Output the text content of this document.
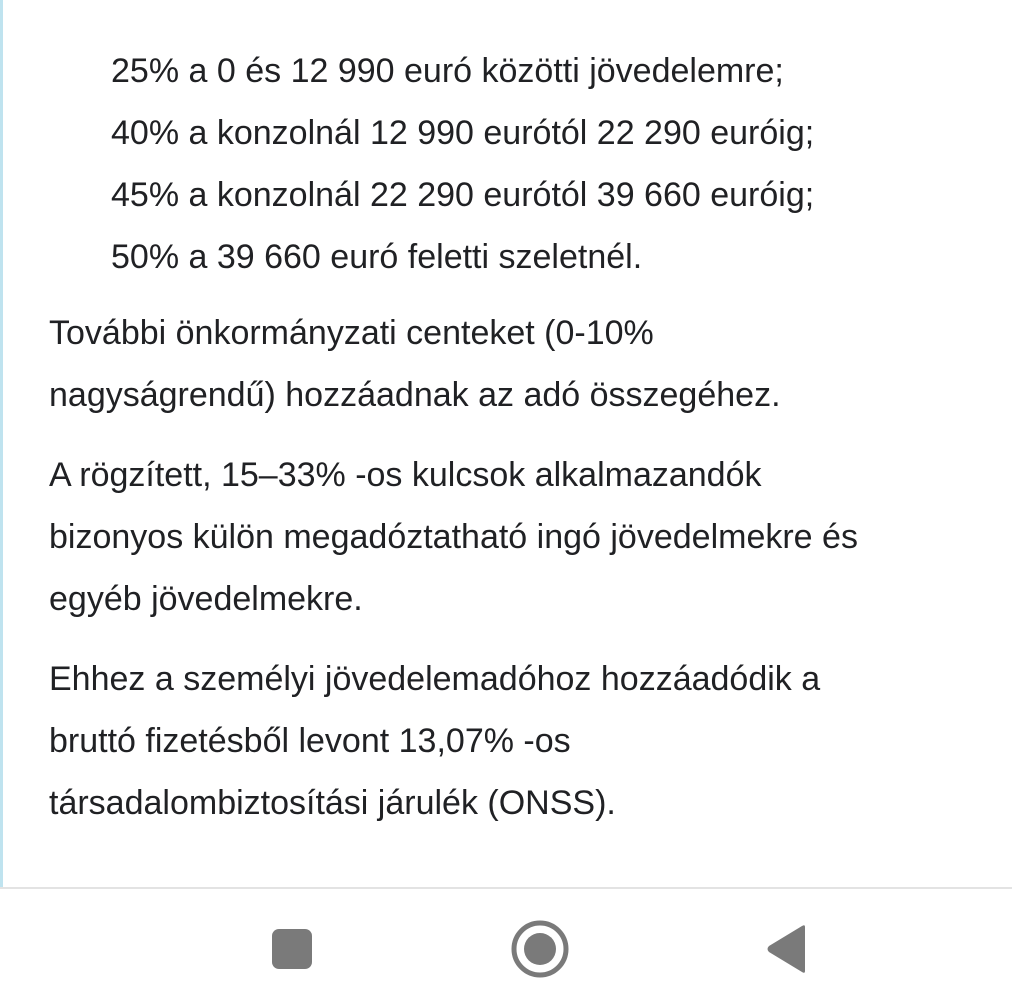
25% a 0 és 12 990 euró közötti jövedelemre;
40% a konzolnál 12 990 eurótól 22 290 euróig;
45% a konzolnál 22 290 eurótól 39 660 euróig;
50% a 39 660 euró feletti szeletnél.

További önkormányzati centeket (0-10%
nagyságrendű) hozzáadnak az adó összegéhez.

A rögzített, 15–33% -os kulcsok alkalmazandók
bizonyos külön megadóztatható ingó jövedelmekre és
egyéb jövedelmekre.

Ehhez a személyi jövedelemadóhoz hozzáadódik a
bruttó fizetésből levont 13,07% -os
társadalombiztosítási járulék (ONSS).
